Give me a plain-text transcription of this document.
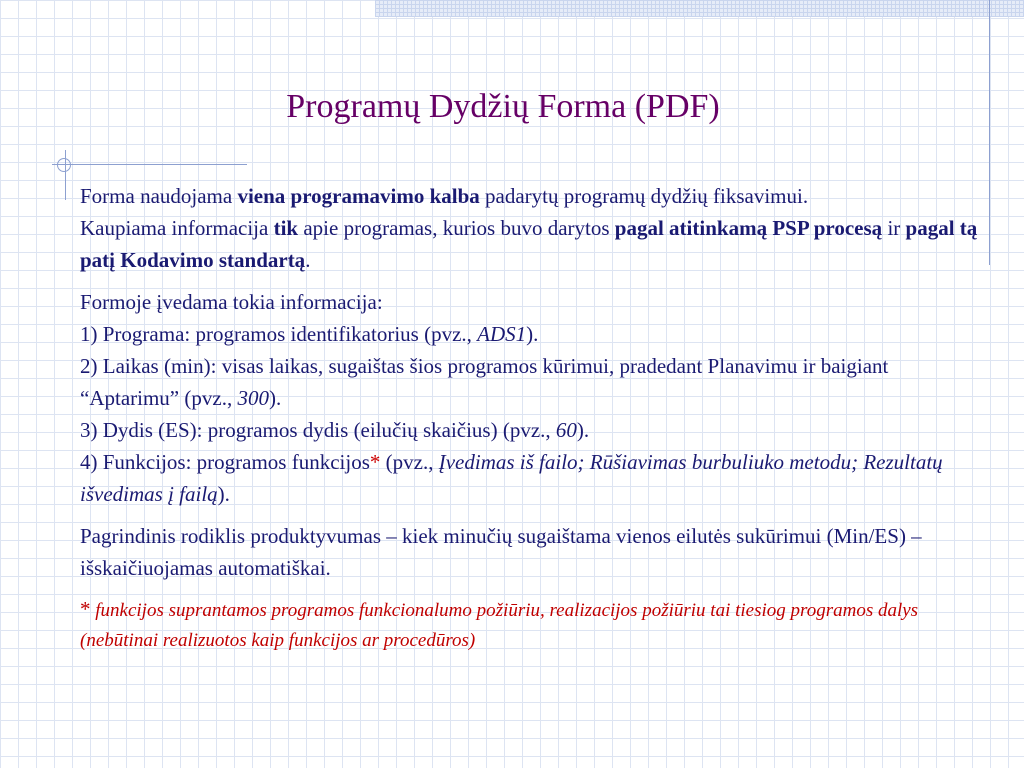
Programų Dydžių Forma (PDF)

Forma naudojama viena programavimo kalba padarytų programų dydžių fiksavimui.
Kaupiama informacija tik apie programas, kurios buvo darytos pagal atitinkamą PSP procesą ir pagal tą patį Kodavimo standartą.

Formoje įvedama tokia informacija:
1) Programa: programos identifikatorius (pvz., ADS1).
2) Laikas (min): visas laikas, sugaištas šios programos kūrimui, pradedant Planavimu ir baigiant “Aptarimu” (pvz., 300).
3) Dydis (ES): programos dydis (eilučių skaičius) (pvz., 60).
4) Funkcijos: programos funkcijos* (pvz., Įvedimas iš failo; Rūšiavimas burbuliuko metodu; Rezultatų išvedimas į failą).

Pagrindinis rodiklis produktyvumas – kiek minučių sugaištama vienos eilutės sukūrimui (Min/ES) – išskaičiuojamas automatiškai.

* funkcijos suprantamos programos funkcionalumo požiūriu, realizacijos požiūriu tai tiesiog programos dalys (nebūtinai realizuotos kaip funkcijos ar procedūros)
